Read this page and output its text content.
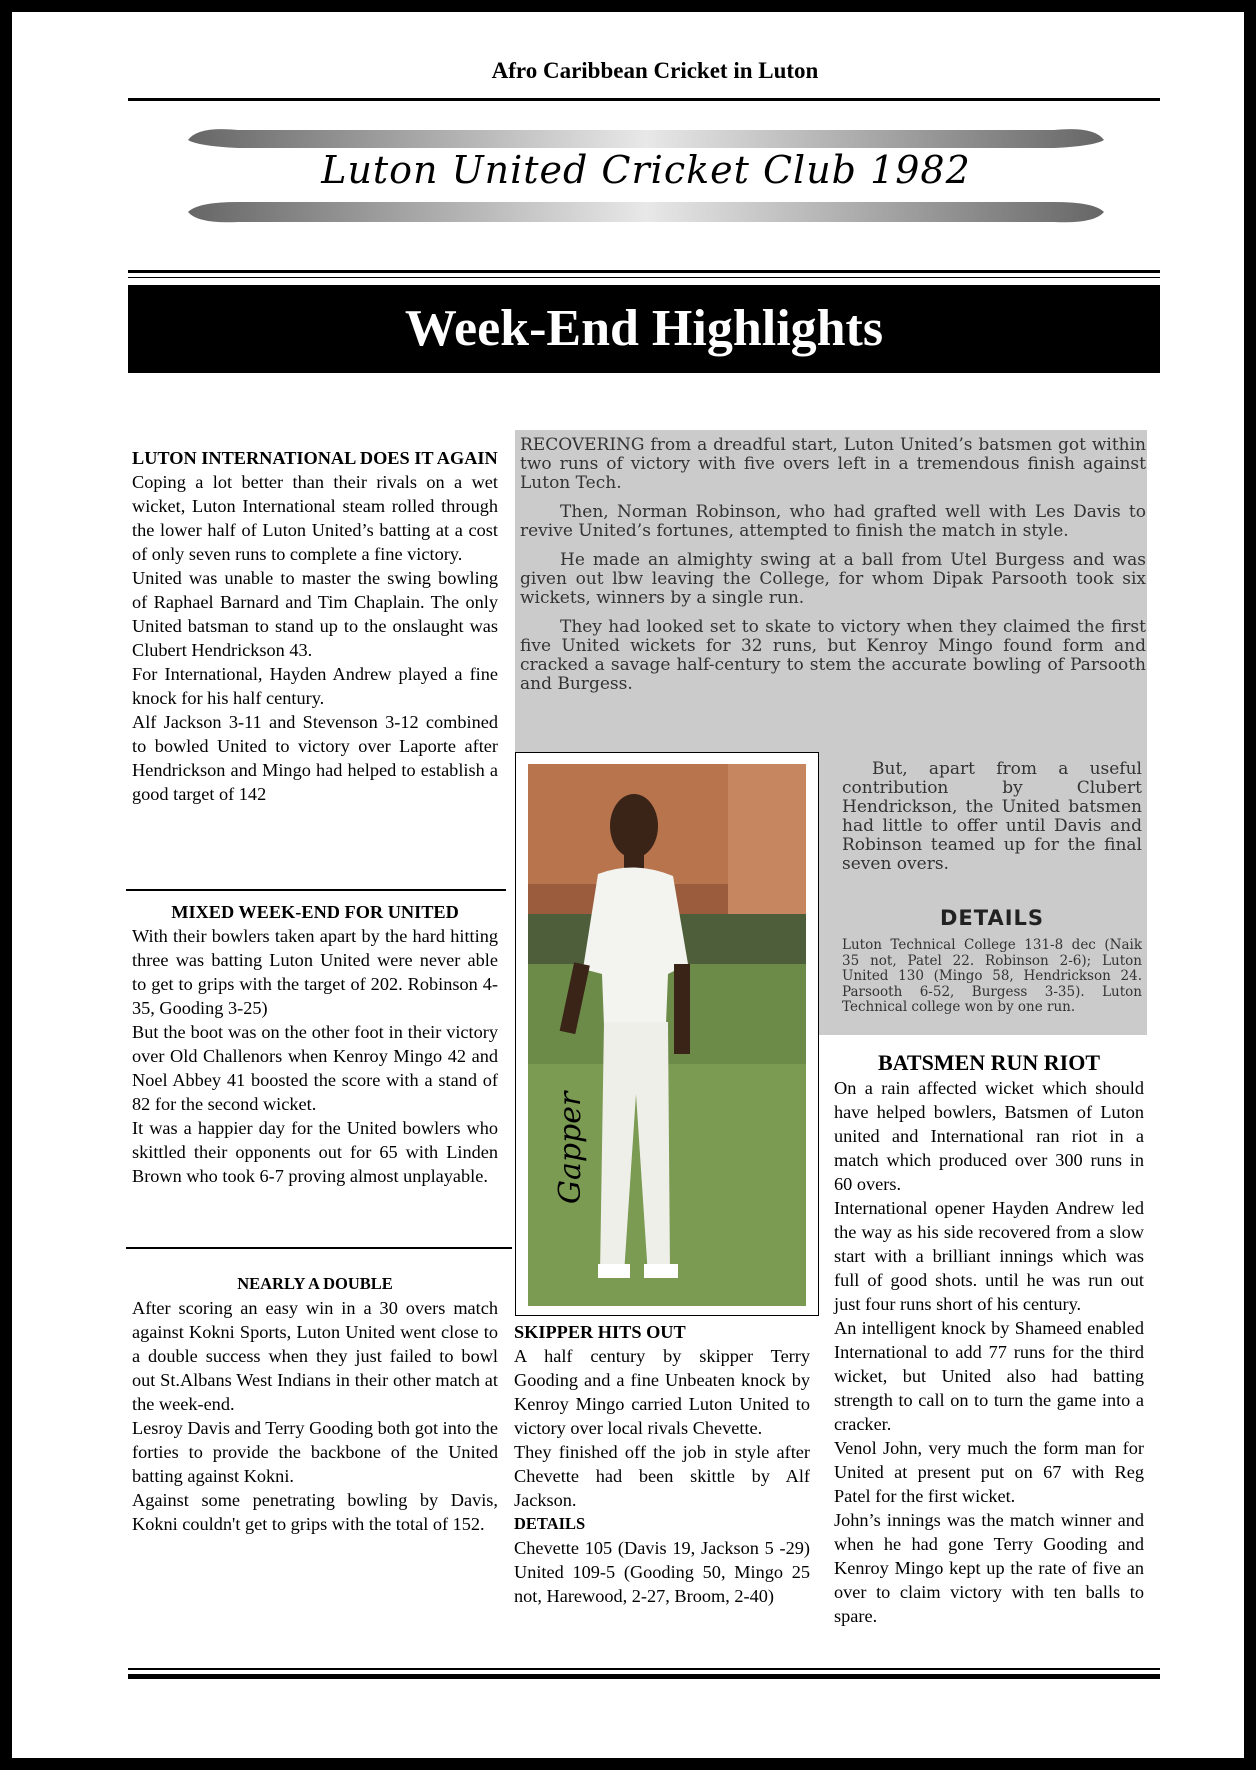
Afro Caribbean Cricket in Luton
Luton United Cricket Club 1982
Week-End Highlights
LUTON INTERNATIONAL DOES IT AGAIN

Coping a lot better than their rivals on a wet wicket, Luton International steam rolled through the lower half of Luton United’s batting at a cost of only seven runs to complete a fine victory.

United was unable to master the swing bowling of Raphael Barnard and Tim Chaplain. The only United batsman to stand up to the onslaught was Clubert Hendrickson 43.

For International, Hayden Andrew played a fine knock for his half century.

Alf Jackson 3-11 and Stevenson 3-12 combined to bowled United to victory over Laporte after Hendrickson and Mingo had helped to establish a good target of 142

MIXED WEEK-END FOR UNITED

With their bowlers taken apart by the hard hitting three was batting Luton United were never able to get to grips with the target of 202. Robinson 4-35, Gooding 3-25)

But the boot was on the other foot in their victory over Old Challenors when Kenroy Mingo 42 and Noel Abbey 41 boosted the score with a stand of 82 for the second wicket.

It was a happier day for the United bowlers who skittled their opponents out for 65 with Linden Brown who took 6-7 proving almost unplayable.

NEARLY A DOUBLE

After scoring an easy win in a 30 overs match against Kokni Sports, Luton United went close to a double success when they just failed to bowl out St.Albans West Indians in their other match at the week-end.

Lesroy Davis and Terry Gooding both got into the forties to provide the backbone of the United batting against Kokni.

Against some penetrating bowling by Davis, Kokni couldn't get to grips with the total of 152.

RECOVERING from a dreadful start, Luton United’s batsmen got within two runs of victory with five overs left in a tremendous finish against Luton Tech.

Then, Norman Robinson, who had grafted well with Les Davis to revive United’s fortunes, attempted to finish the match in style.

He made an almighty swing at a ball from Utel Burgess and was given out lbw leaving the College, for whom Dipak Parsooth took six wickets, winners by a single run.

They had looked set to skate to victory when they claimed the first five United wickets for 32 runs, but Kenroy Mingo found form and cracked a savage half-century to stem the accurate bowling of Parsooth and Burgess.

But, apart from a useful contribution by Clubert Hendrickson, the United batsmen had little to offer until Davis and Robinson teamed up for the final seven overs.

DETAILS
Luton Technical College 131-8 dec (Naik 35 not, Patel 22. Robinson 2-6); Luton United 130 (Mingo 58, Hendrickson 24. Parsooth 6-52, Burgess 3-35). Luton Technical college won by one run.
Gapper
SKIPPER HITS OUT

A half century by skipper Terry Gooding and a fine Unbeaten knock by Kenroy Mingo carried Luton United to victory over local rivals Chevette.

They finished off the job in style after Chevette had been skittle by Alf Jackson.

DETAILS

Chevette 105 (Davis 19, Jackson 5 -29) United 109-5 (Gooding 50, Mingo 25 not, Harewood, 2-27, Broom, 2-40)

BATSMEN RUN RIOT

On a rain affected wicket which should have helped bowlers, Batsmen of Luton united and International ran riot in a match which produced over 300 runs in 60 overs.

International opener Hayden Andrew led the way as his side recovered from a slow start with a brilliant innings which was full of good shots. until he was run out just four runs short of his century.

An intelligent knock by Shameed enabled International to add 77 runs for the third wicket, but United also had batting strength to call on to turn the game into a cracker.

Venol John, very much the form man for United at present put on 67 with Reg Patel for the first wicket.

John’s innings was the match winner and when he had gone Terry Gooding and Kenroy Mingo kept up the rate of five an over to claim victory with ten balls to spare.
